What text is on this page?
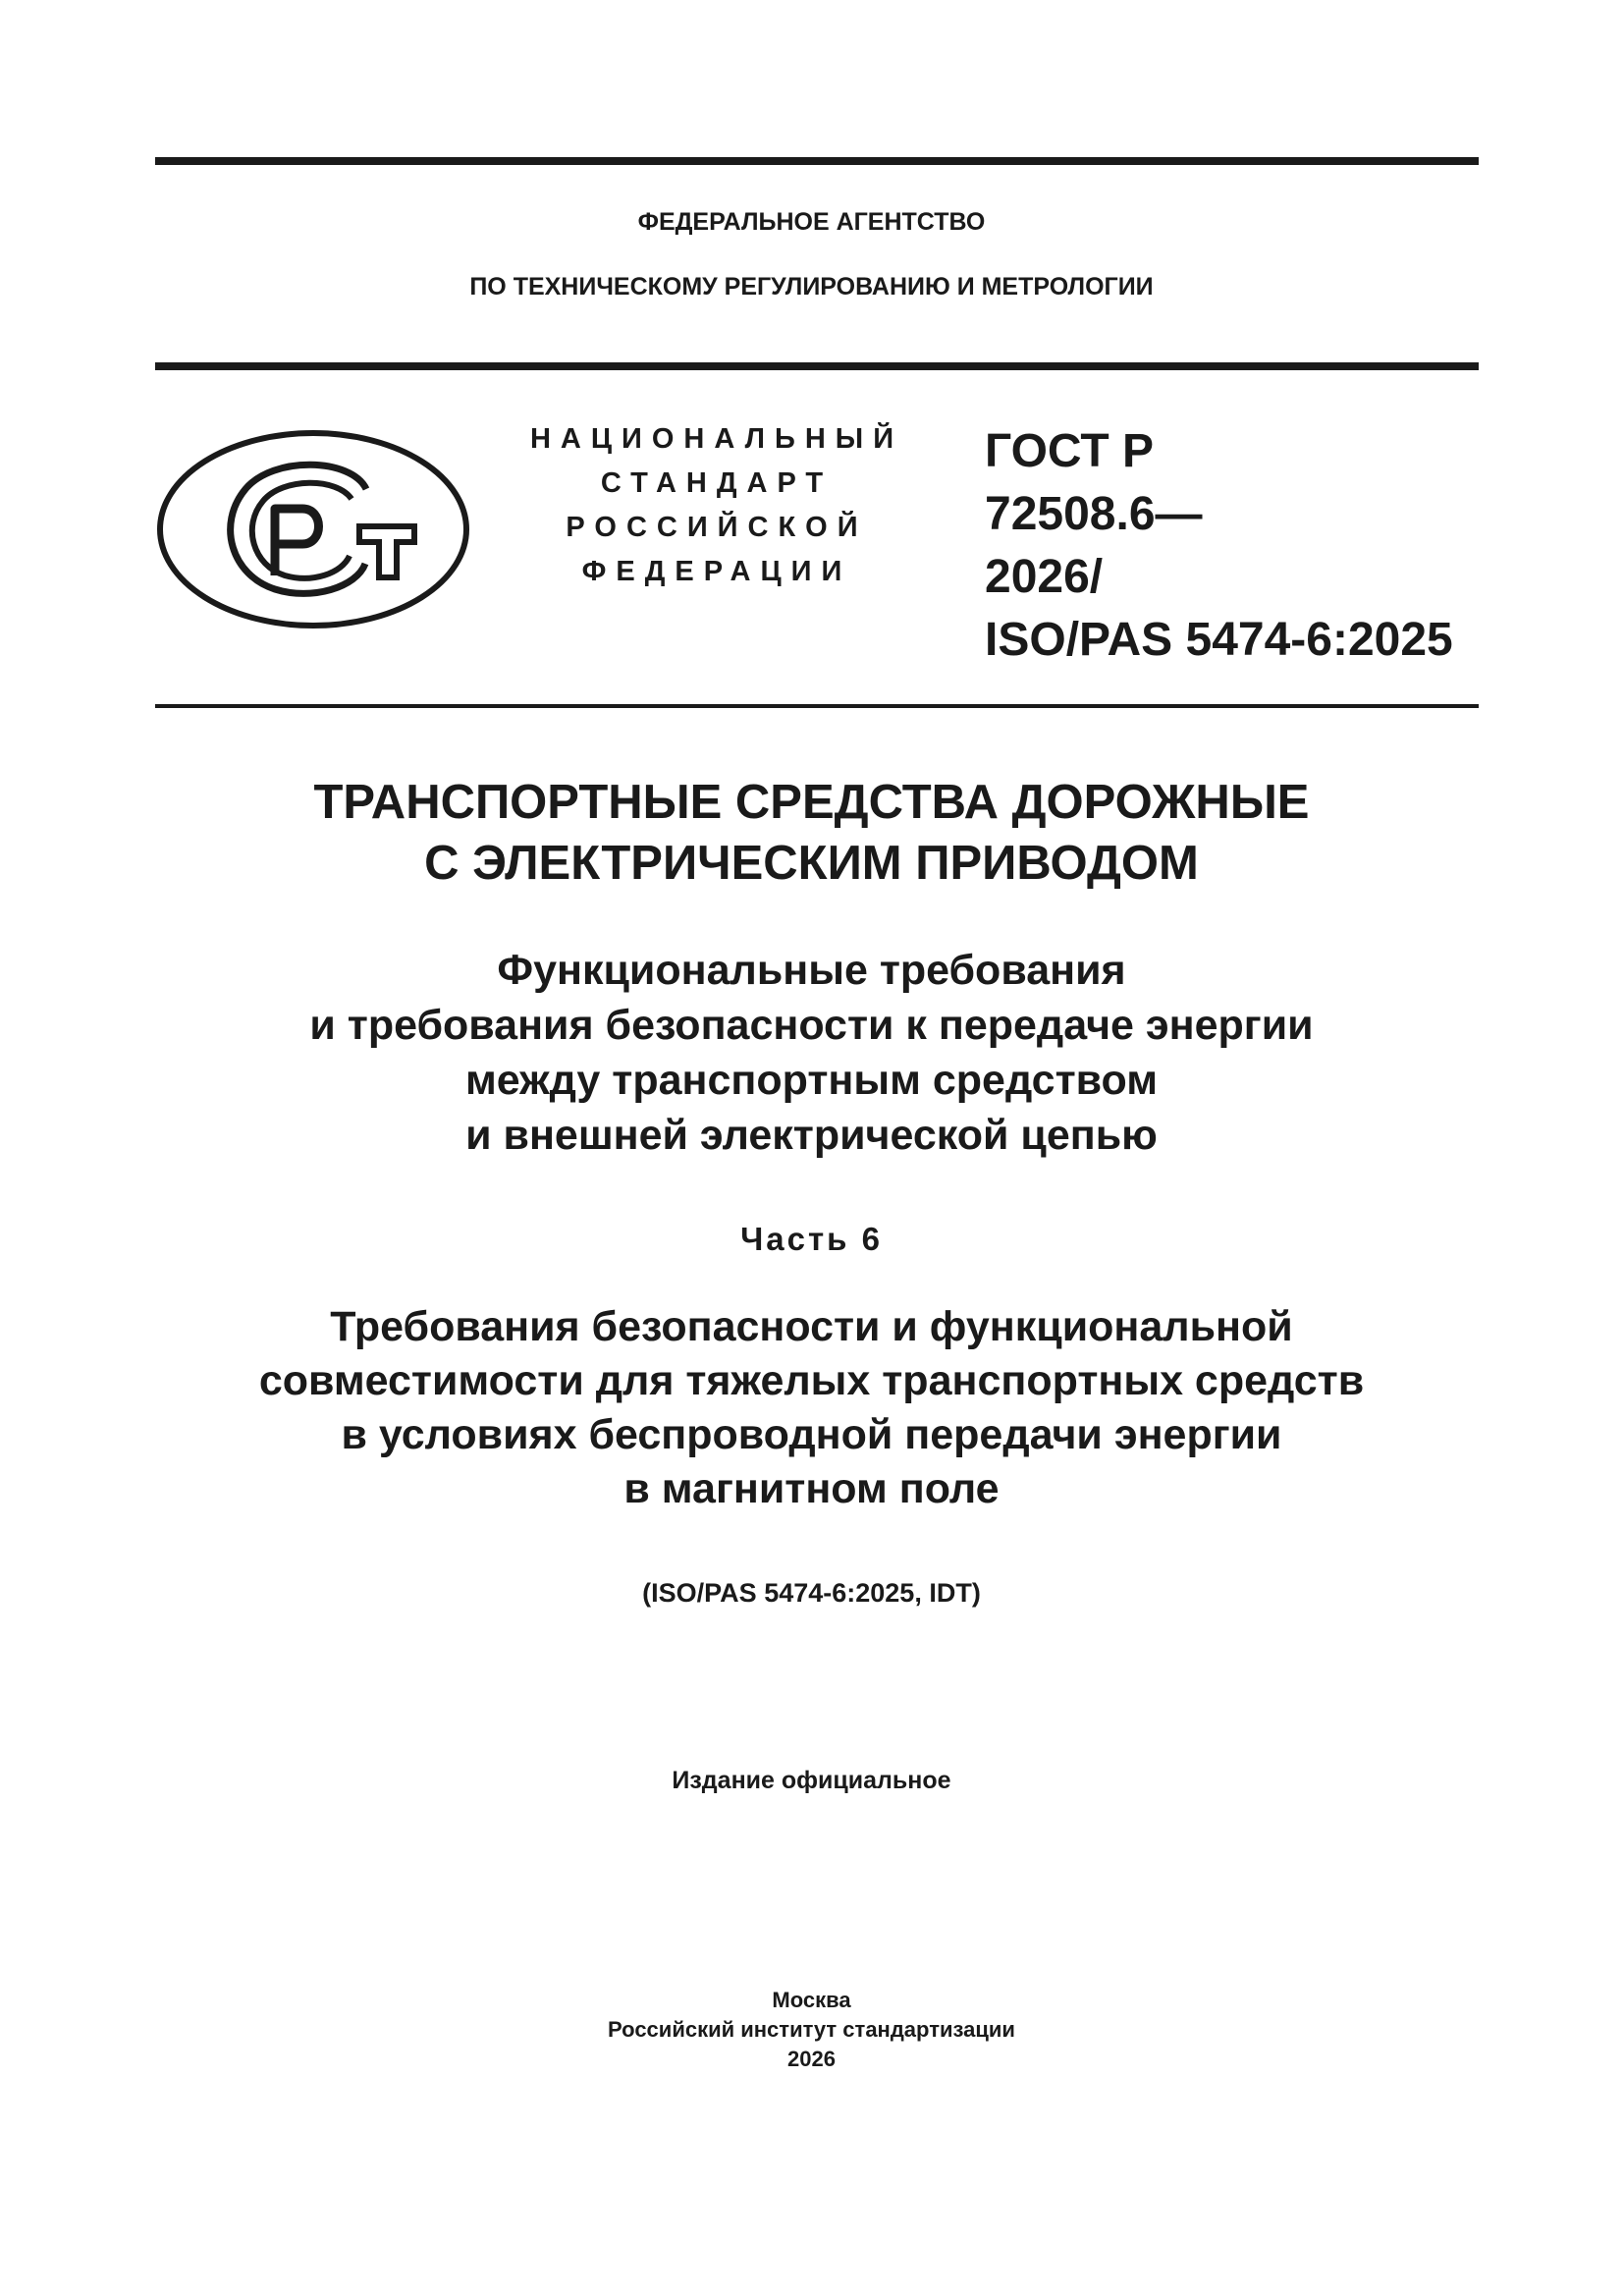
ФЕДЕРАЛЬНОЕ АГЕНТСТВО
ПО ТЕХНИЧЕСКОМУ РЕГУЛИРОВАНИЮ И МЕТРОЛОГИИ
НАЦИОНАЛЬНЫЙ
СТАНДАРТ
РОССИЙСКОЙ
ФЕДЕРАЦИИ
ГОСТ Р
72508.6—
2026/
ISO/PAS 5474-6:2025
ТРАНСПОРТНЫЕ СРЕДСТВА ДОРОЖНЫЕ
С ЭЛЕКТРИЧЕСКИМ ПРИВОДОМ
Функциональные требования
и требования безопасности к передаче энергии
между транспортным средством
и внешней электрической цепью
Часть 6
Требования безопасности и функциональной
совместимости для тяжелых транспортных средств
в условиях беспроводной передачи энергии
в магнитном поле
(ISO/PAS 5474-6:2025, IDT)
Издание официальное
Москва
Российский институт стандартизации
2026
